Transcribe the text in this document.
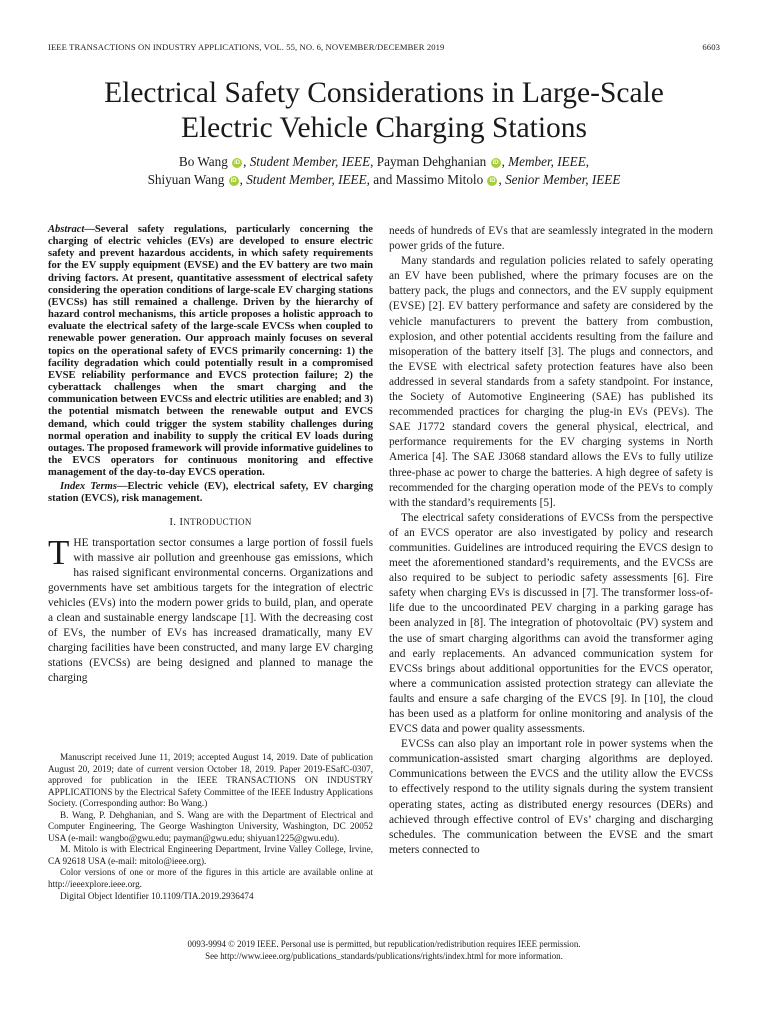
IEEE TRANSACTIONS ON INDUSTRY APPLICATIONS, VOL. 55, NO. 6, NOVEMBER/DECEMBER 2019	6603
Electrical Safety Considerations in Large-Scale
Electric Vehicle Charging Stations
Bo Wang iD , Student Member, IEEE, Payman Dehghanian iD , Member, IEEE,
Shiyuan Wang iD , Student Member, IEEE, and Massimo Mitolo iD , Senior Member, IEEE

Abstract—Several safety regulations, particularly concerning the charging of electric vehicles (EVs) are developed to ensure electric safety and prevent hazardous accidents, in which safety requirements for the EV supply equipment (EVSE) and the EV battery are two main driving factors. At present, quantitative assessment of electrical safety considering the operation conditions of large-scale EV charging stations (EVCSs) has still remained a challenge. Driven by the hierarchy of hazard control mechanisms, this article proposes a holistic approach to evaluate the electrical safety of the large-scale EVCSs when coupled to renewable power generation. Our approach mainly focuses on several topics on the operational safety of EVCS primarily concerning: 1) the facility degradation which could potentially result in a compromised EVSE reliability performance and EVCS protection failure; 2) the cyberattack challenges when the smart charging and the communication between EVCSs and electric utilities are enabled; and 3) the potential mismatch between the renewable output and EVCS demand, which could trigger the system stability challenges during normal operation and inability to supply the critical EV loads during outages. The proposed framework will provide informative guidelines to the EVCS operators for continuous monitoring and effective management of the day-to-day EVCS operation.

Index Terms—Electric vehicle (EV), electrical safety, EV charging station (EVCS), risk management.

I. INTRODUCTION

THE transportation sector consumes a large portion of fossil fuels with massive air pollution and greenhouse gas emissions, which has raised significant environmental concerns. Organizations and governments have set ambitious targets for the integration of electric vehicles (EVs) into the modern power grids to build, plan, and operate a clean and sustainable energy landscape [1]. With the decreasing cost of EVs, the number of EVs has increased dramatically, many EV charging facilities have been constructed, and many large EV charging stations (EVCSs) are being designed and planned to manage the charging

Manuscript received June 11, 2019; accepted August 14, 2019. Date of publication August 20, 2019; date of current version October 18, 2019. Paper 2019-ESafC-0307, approved for publication in the IEEE TRANSACTIONS ON INDUSTRY APPLICATIONS by the Electrical Safety Committee of the IEEE Industry Applications Society. (Corresponding author: Bo Wang.)

B. Wang, P. Dehghanian, and S. Wang are with the Department of Electrical and Computer Engineering, The George Washington University, Washington, DC 20052 USA (e-mail: wangbo@gwu.edu; payman@gwu.edu; shiyuan1225@gwu.edu).

M. Mitolo is with Electrical Engineering Department, Irvine Valley College, Irvine, CA 92618 USA (e-mail: mitolo@ieee.org).

Color versions of one or more of the figures in this article are available online at http://ieeexplore.ieee.org.

Digital Object Identifier 10.1109/TIA.2019.2936474

needs of hundreds of EVs that are seamlessly integrated in the modern power grids of the future.

Many standards and regulation policies related to safely operating an EV have been published, where the primary focuses are on the battery pack, the plugs and connectors, and the EV supply equipment (EVSE) [2]. EV battery performance and safety are considered by the vehicle manufacturers to prevent the battery from combustion, explosion, and other potential accidents resulting from the failure and misoperation of the battery itself [3]. The plugs and connectors, and the EVSE with electrical safety protection features have also been addressed in several standards from a safety standpoint. For instance, the Society of Automotive Engineering (SAE) has published its recommended practices for charging the plug-in EVs (PEVs). The SAE J1772 standard covers the general physical, electrical, and performance requirements for the EV charging systems in North America [4]. The SAE J3068 standard allows the EVs to fully utilize three-phase ac power to charge the batteries. A high degree of safety is recommended for the charging operation mode of the PEVs to comply with the standard’s requirements [5].

The electrical safety considerations of EVCSs from the perspective of an EVCS operator are also investigated by policy and research communities. Guidelines are introduced requiring the EVCS design to meet the aforementioned standard’s requirements, and the EVCSs are also required to be subject to periodic safety assessments [6]. Fire safety when charging EVs is discussed in [7]. The transformer loss-of-life due to the uncoordinated PEV charging in a parking garage has been analyzed in [8]. The integration of photovoltaic (PV) system and the use of smart charging algorithms can avoid the transformer aging and early replacements. An advanced communication system for EVCSs brings about additional opportunities for the EVCS operator, where a communication assisted protection strategy can alleviate the faults and ensure a safe charging of the EVCS [9]. In [10], the cloud has been used as a platform for online monitoring and analysis of the EVCS data and power quality assessments.

EVCSs can also play an important role in power systems when the communication-assisted smart charging algorithms are deployed. Communications between the EVCS and the utility allow the EVCSs to effectively respond to the utility signals during the system transient operating states, acting as distributed energy resources (DERs) and achieved through effective control of EVs’ charging and discharging schedules. The communication between the EVSE and the smart meters connected to

0093-9994 © 2019 IEEE. Personal use is permitted, but republication/redistribution requires IEEE permission.
See http://www.ieee.org/publications_standards/publications/rights/index.html for more information.
